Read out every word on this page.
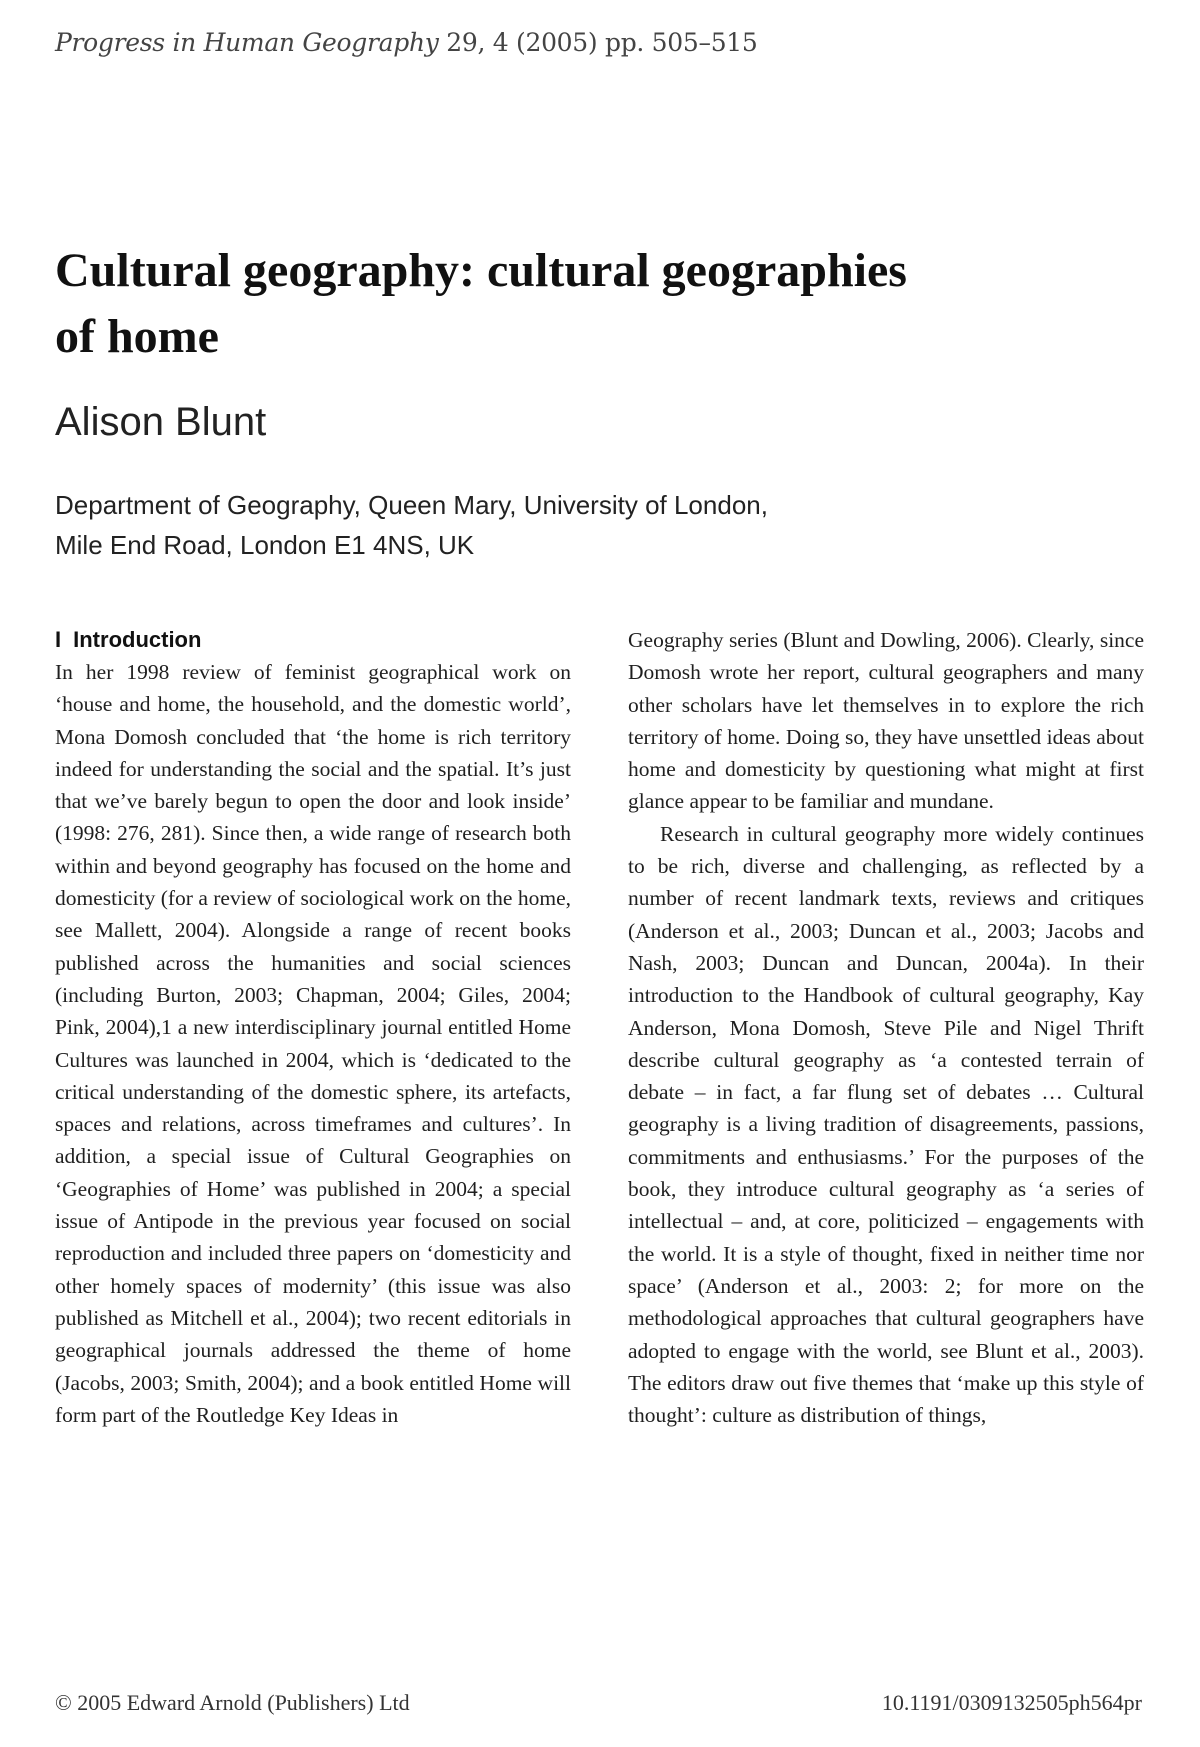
Progress in Human Geography 29, 4 (2005) pp. 505–515
Cultural geography: cultural geographies of home
Alison Blunt
Department of Geography, Queen Mary, University of London,
Mile End Road, London E1 4NS, UK
I Introduction

In her 1998 review of feminist geographical work on ‘house and home, the household, and the domestic world’, Mona Domosh concluded that ‘the home is rich territory indeed for understanding the social and the spatial. It’s just that we’ve barely begun to open the door and look inside’ (1998: 276, 281). Since then, a wide range of research both within and beyond geography has focused on the home and domesticity (for a review of sociological work on the home, see Mallett, 2004). Alongside a range of recent books published across the humanities and social sciences (including Burton, 2003; Chapman, 2004; Giles, 2004; Pink, 2004),1 a new interdisciplinary journal entitled Home Cultures was launched in 2004, which is ‘dedicated to the critical understanding of the domestic sphere, its artefacts, spaces and relations, across timeframes and cultures’. In addition, a special issue of Cultural Geographies on ‘Geographies of Home’ was published in 2004; a special issue of Antipode in the previous year focused on social reproduction and included three papers on ‘domesticity and other homely spaces of modernity’ (this issue was also published as Mitchell et al., 2004); two recent editorials in geographical journals addressed the theme of home (Jacobs, 2003; Smith, 2004); and a book entitled Home will form part of the Routledge Key Ideas in

Geography series (Blunt and Dowling, 2006). Clearly, since Domosh wrote her report, cultural geographers and many other scholars have let themselves in to explore the rich territory of home. Doing so, they have unsettled ideas about home and domesticity by questioning what might at first glance appear to be familiar and mundane.

Research in cultural geography more widely continues to be rich, diverse and challenging, as reflected by a number of recent landmark texts, reviews and critiques (Anderson et al., 2003; Duncan et al., 2003; Jacobs and Nash, 2003; Duncan and Duncan, 2004a). In their introduction to the Handbook of cultural geography, Kay Anderson, Mona Domosh, Steve Pile and Nigel Thrift describe cultural geography as ‘a contested terrain of debate – in fact, a far flung set of debates … Cultural geography is a living tradition of disagreements, passions, commitments and enthusiasms.’ For the purposes of the book, they introduce cultural geography as ‘a series of intellectual – and, at core, politicized – engagements with the world. It is a style of thought, fixed in neither time nor space’ (Anderson et al., 2003: 2; for more on the methodological approaches that cultural geographers have adopted to engage with the world, see Blunt et al., 2003). The editors draw out five themes that ‘make up this style of thought’: culture as distribution of things,

© 2005 Edward Arnold (Publishers) Ltd	10.1191/0309132505ph564pr
